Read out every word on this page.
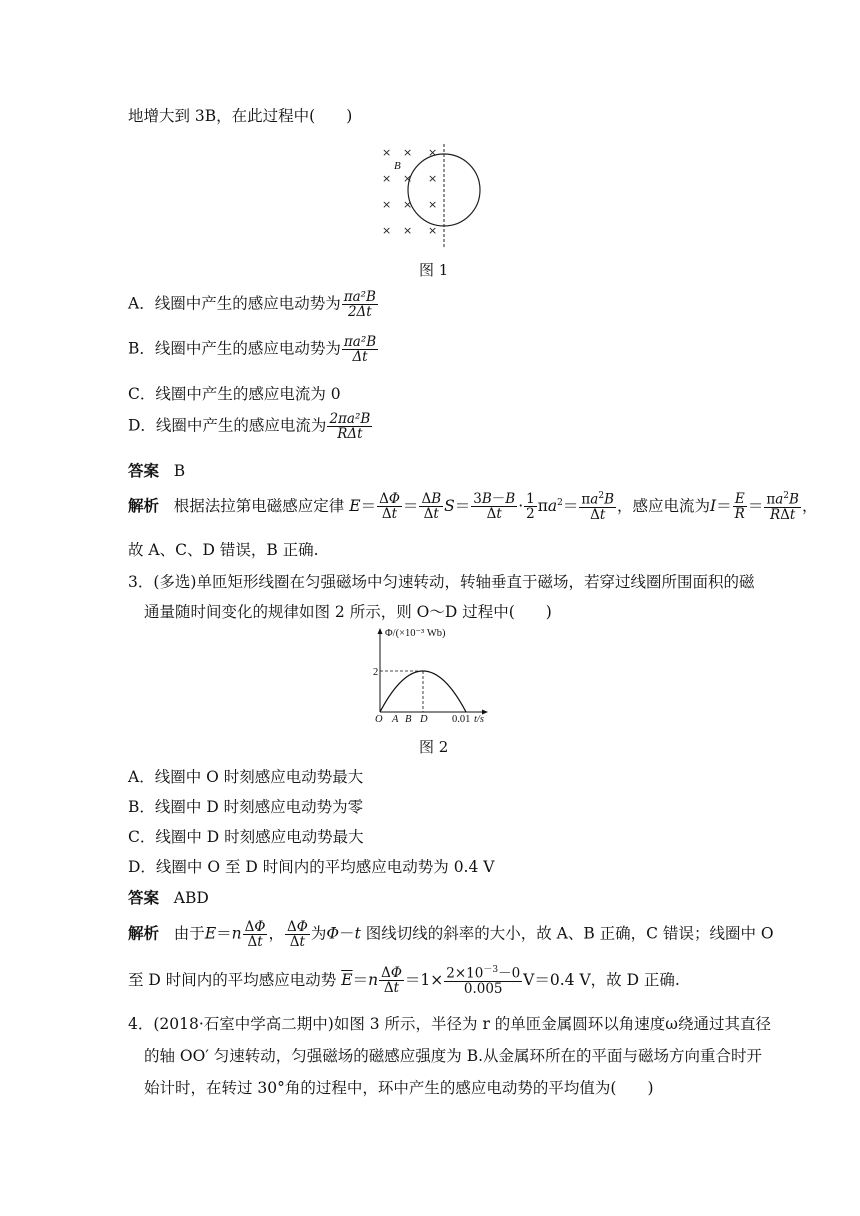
地增大到 3B，在此过程中(　　)
× × ×
× × ×
× × ×
× × ×
B
图 1
A．线圈中产生的感应电动势为 $\frac{\text{πa²B}}{2\Delta t}$
B．线圈中产生的感应电动势为 $\frac{\text{πa²B}}{\Delta t}$
C．线圈中产生的感应电流为 0
D．线圈中产生的感应电流为 $\frac{\text{2πa²B}}{\text{RΔt}}$
答案 B
解析 根据法拉第电磁感应定律 $E= \frac{\Delta\Phi}{\Delta t} = \frac{\Delta B}{\Delta t} S= \frac{3B-B}{\Delta t} \cdot \frac{1}{2} \pi a^2= \frac{\pi a^2B}{\Delta t}$ ，感应电流为$I= \frac{E}{R} = \frac{\pi a^2B}{\text{RΔt}}$ ，
故 A、C、D 错误，B 正确.
3．(多选)单匝矩形线圈在匀强磁场中匀速转动，转轴垂直于磁场，若穿过线圈所围面积的磁
通量随时间变化的规律如图 2 所示，则 O～D 过程中(　　)
Φ/(×10⁻³ Wb)
2
O A B D 0.01 t/s
图 2
A．线圈中 O 时刻感应电动势最大
B．线圈中 D 时刻感应电动势为零
C．线圈中 D 时刻感应电动势最大
D．线圈中 O 至 D 时间内的平均感应电动势为 0.4 V
答案 ABD
解析 由于$E=n \frac{\Delta\Phi}{\Delta t}$ ， $\frac{\Delta\Phi}{\Delta t}$ 为Φ－t 图线切线的斜率的大小，故 A、B 正确，C 错误；线圈中 O
至 D 时间内的平均感应电动势 $\overline{E}=n \frac{\Delta\Phi}{\Delta t} =1\times \frac{2\times 10^{-3}-0}{0.005} V=0.4$ V，故 D 正确.
4．(2018·石室中学高二期中)如图 3 所示，半径为 r 的单匝金属圆环以角速度ω绕通过其直径
的轴 OO′ 匀速转动，匀强磁场的磁感应强度为 B.从金属环所在的平面与磁场方向重合时开
始计时，在转过 30°角的过程中，环中产生的感应电动势的平均值为(　　)
